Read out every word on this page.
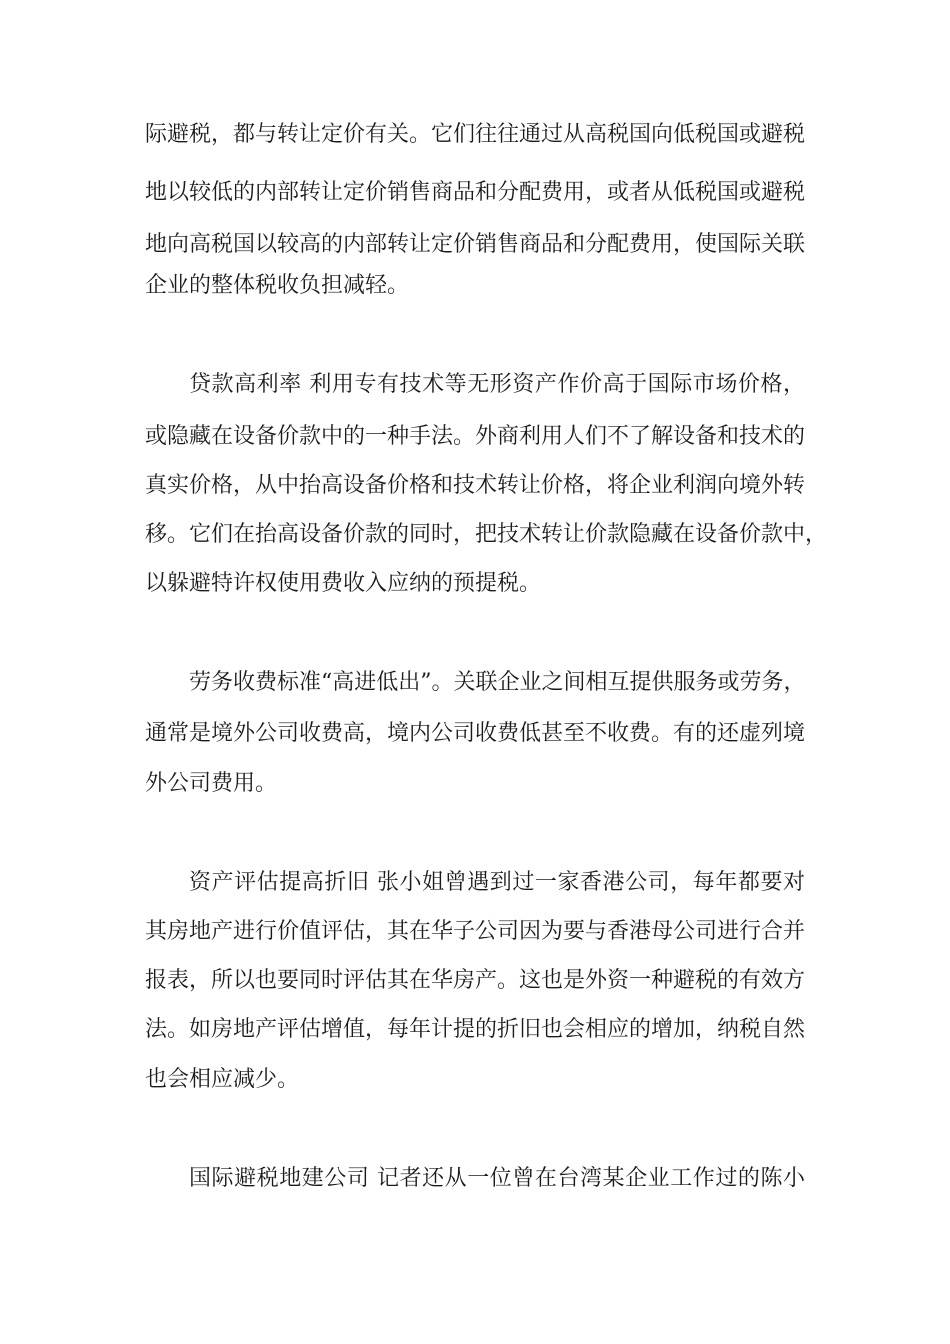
际避税，都与转让定价有关。它们往往通过从高税国向低税国或避税
地以较低的内部转让定价销售商品和分配费用，或者从低税国或避税
地向高税国以较高的内部转让定价销售商品和分配费用，使国际关联
企业的整体税收负担减轻。
贷款高利率 利用专有技术等无形资产作价高于国际市场价格，
或隐藏在设备价款中的一种手法。外商利用人们不了解设备和技术的
真实价格，从中抬高设备价格和技术转让价格，将企业利润向境外转
移。它们在抬高设备价款的同时，把技术转让价款隐藏在设备价款中，
以躲避特许权使用费收入应纳的预提税。
劳务收费标准“高进低出”。关联企业之间相互提供服务或劳务，
通常是境外公司收费高，境内公司收费低甚至不收费。有的还虚列境
外公司费用。
资产评估提高折旧 张小姐曾遇到过一家香港公司，每年都要对
其房地产进行价值评估，其在华子公司因为要与香港母公司进行合并
报表，所以也要同时评估其在华房产。这也是外资一种避税的有效方
法。如房地产评估增值，每年计提的折旧也会相应的增加，纳税自然
也会相应减少。
国际避税地建公司 记者还从一位曾在台湾某企业工作过的陈小
